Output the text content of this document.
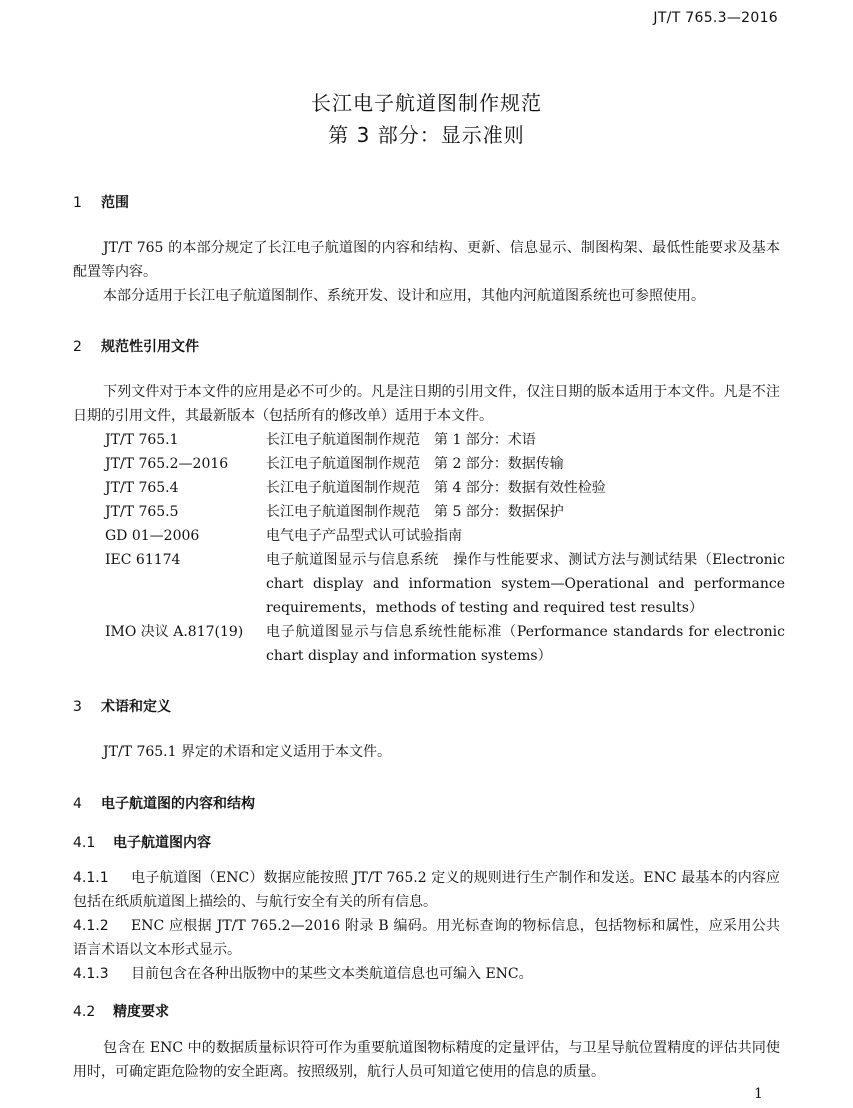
JT/T 765.3—2016
长江电子航道图制作规范
第 3 部分：显示准则
1 范围
JT/T 765 的本部分规定了长江电子航道图的内容和结构、更新、信息显示、制图构架、最低性能要求及基本配置等内容。
本部分适用于长江电子航道图制作、系统开发、设计和应用，其他内河航道图系统也可参照使用。
2 规范性引用文件
下列文件对于本文件的应用是必不可少的。凡是注日期的引用文件，仅注日期的版本适用于本文件。凡是不注日期的引用文件，其最新版本（包括所有的修改单）适用于本文件。
JT/T 765.1	长江电子航道图制作规范　第 1 部分：术语
JT/T 765.2—2016	长江电子航道图制作规范　第 2 部分：数据传输
JT/T 765.4	长江电子航道图制作规范　第 4 部分：数据有效性检验
JT/T 765.5	长江电子航道图制作规范　第 5 部分：数据保护
GD 01—2006	电气电子产品型式认可试验指南
IEC 61174	电子航道图显示与信息系统　操作与性能要求、测试方法与测试结果（Electronic chart display and information system—Operational and performance requirements，methods of testing and required test results）
IMO 决议 A.817(19)	电子航道图显示与信息系统性能标准（Performance standards for electronic chart display and information systems）
3 术语和定义
JT/T 765.1 界定的术语和定义适用于本文件。
4 电子航道图的内容和结构
4.1 电子航道图内容
4.1.1 电子航道图（ENC）数据应能按照 JT/T 765.2 定义的规则进行生产制作和发送。ENC 最基本的内容应包括在纸质航道图上描绘的、与航行安全有关的所有信息。
4.1.2 ENC 应根据 JT/T 765.2—2016 附录 B 编码。用光标查询的物标信息，包括物标和属性，应采用公共语言术语以文本形式显示。
4.1.3 目前包含在各种出版物中的某些文本类航道信息也可编入 ENC。
4.2 精度要求
包含在 ENC 中的数据质量标识符可作为重要航道图物标精度的定量评估，与卫星导航位置精度的评估共同使用时，可确定距危险物的安全距离。按照级别，航行人员可知道它使用的信息的质量。
1
